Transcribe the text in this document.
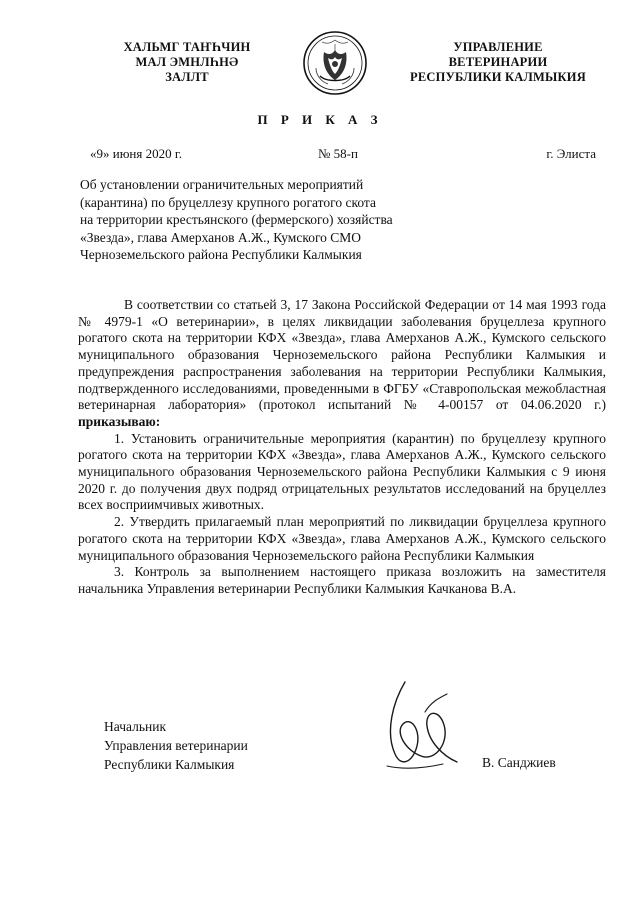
ХАЛЬМГ ТАҤҺЧИН
МАЛ ЭМНЛҺНӘ
ЗАЛЛТ
УПРАВЛЕНИЕ
ВЕТЕРИНАРИИ
РЕСПУБЛИКИ КАЛМЫКИЯ
П Р И К А З
«9» июня 2020 г.	№ 58-п	г. Элиста
Об установлении ограничительных мероприятий
(карантина) по бруцеллезу крупного рогатого скота
на территории крестьянского (фермерского) хозяйства
«Звезда», глава Амерханов А.Ж., Кумского СМО
Черноземельского района Республики Калмыкия

В соответствии со статьей 3, 17 Закона Российской Федерации от 14 мая 1993 года № 4979-1 «О ветеринарии», в целях ликвидации заболевания бруцеллеза крупного рогатого скота на территории КФХ «Звезда», глава Амерханов А.Ж., Кумского сельского муниципального образования Черноземельского района Республики Калмыкия и предупреждения распространения заболевания на территории Республики Калмыкия, подтвержденного исследованиями, проведенными в ФГБУ «Ставропольская межобластная ветеринарная лаборатория» (протокол испытаний № 4-00157 от 04.06.2020 г.) приказываю:

1. Установить ограничительные мероприятия (карантин) по бруцеллезу крупного рогатого скота на территории КФХ «Звезда», глава Амерханов А.Ж., Кумского сельского муниципального образования Черноземельского района Республики Калмыкия с 9 июня 2020 г. до получения двух подряд отрицательных результатов исследований на бруцеллез всех восприимчивых животных.

2. Утвердить прилагаемый план мероприятий по ликвидации бруцеллеза крупного рогатого скота на территории КФХ «Звезда», глава Амерханов А.Ж., Кумского сельского муниципального образования Черноземельского района Республики Калмыкия

3. Контроль за выполнением настоящего приказа возложить на заместителя начальника Управления ветеринарии Республики Калмыкия Качканова В.А.

Начальник
Управления ветеринарии
Республики Калмыкия	В. Санджиев
